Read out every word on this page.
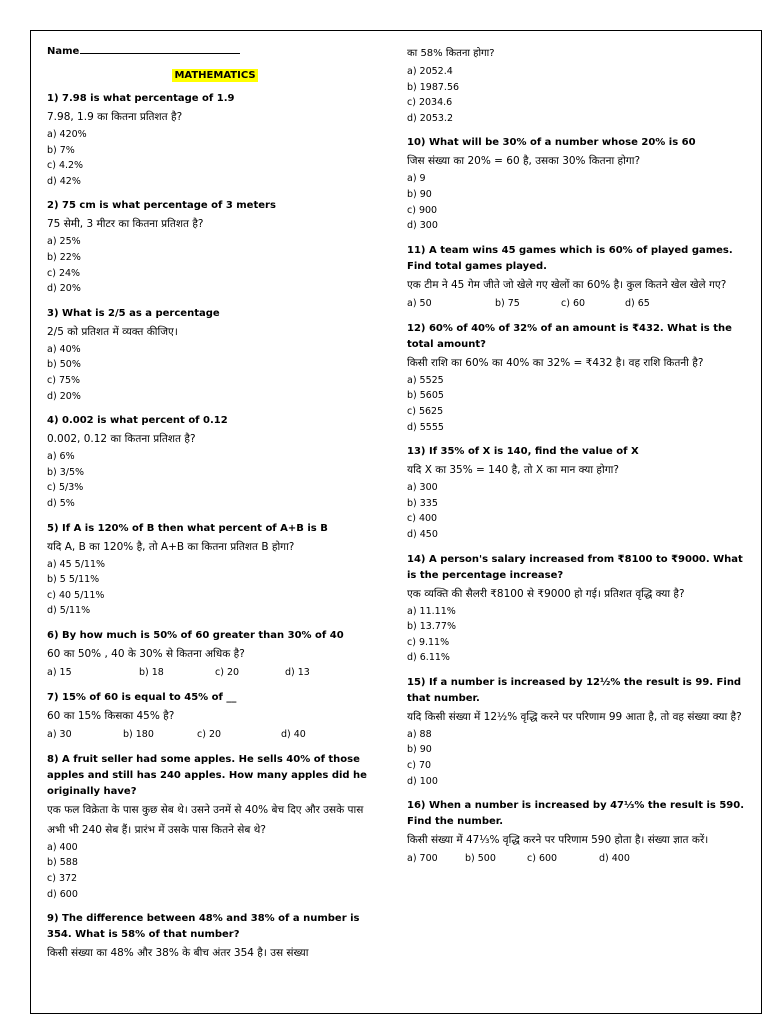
Name
MATHEMATICS
1) 7.98 is what percentage of 1.9
7.98, 1.9 का कितना प्रतिशत है?
a) 420%
b) 7%
c) 4.2%
d) 42%
2) 75 cm is what percentage of 3 meters
75 सेमी, 3 मीटर का कितना प्रतिशत है?
a) 25%
b) 22%
c) 24%
d) 20%
3) What is 2/5 as a percentage
2/5 को प्रतिशत में व्यक्त कीजिए।
a) 40%
b) 50%
c) 75%
d) 20%
4) 0.002 is what percent of 0.12
0.002, 0.12 का कितना प्रतिशत है?
a) 6%
b) 3/5%
c) 5/3%
d) 5%
5) If A is 120% of B then what percent of A+B is B
यदि A, B का 120% है, तो A+B का कितना प्रतिशत B होगा?
a) 45 5/11%
b) 5 5/11%
c) 40 5/11%
d) 5/11%
6) By how much is 50% of 60 greater than 30% of 40
60 का 50% , 40 के 30% से कितना अधिक है?
a) 15	b) 18	c) 20	d) 13
7) 15% of 60 is equal to 45% of __
60 का 15% किसका 45% है?
a) 30	b) 180	c) 20	d) 40
8) A fruit seller had some apples. He sells 40% of those apples and still has 240 apples. How many apples did he originally have?
एक फल विक्रेता के पास कुछ सेब थे। उसने उनमें से 40% बेच दिए और उसके पास अभी भी 240 सेब हैं। प्रारंभ में उसके पास कितने सेब थे?
a) 400
b) 588
c) 372
d) 600
9) The difference between 48% and 38% of a number is 354. What is 58% of that number?
किसी संख्या का 48% और 38% के बीच अंतर 354 है। उस संख्या
का 58% कितना होगा?
a) 2052.4
b) 1987.56
c) 2034.6
d) 2053.2
10) What will be 30% of a number whose 20% is 60
जिस संख्या का 20% = 60 है, उसका 30% कितना होगा?
a) 9
b) 90
c) 900
d) 300
11) A team wins 45 games which is 60% of played games. Find total games played.
एक टीम ने 45 गेम जीते जो खेले गए खेलों का 60% है। कुल कितने खेल खेले गए?
a) 50	b) 75	c) 60	d) 65
12) 60% of 40% of 32% of an amount is ₹432. What is the total amount?
किसी राशि का 60% का 40% का 32% = ₹432 है। वह राशि कितनी है?
a) 5525
b) 5605
c) 5625
d) 5555
13) If 35% of X is 140, find the value of X
यदि X का 35% = 140 है, तो X का मान क्या होगा?
a) 300
b) 335
c) 400
d) 450
14) A person's salary increased from ₹8100 to ₹9000. What is the percentage increase?
एक व्यक्ति की सैलरी ₹8100 से ₹9000 हो गई। प्रतिशत वृद्धि क्या है?
a) 11.11%
b) 13.77%
c) 9.11%
d) 6.11%
15) If a number is increased by 12½% the result is 99. Find that number.
यदि किसी संख्या में 12½% वृद्धि करने पर परिणाम 99 आता है, तो वह संख्या क्या है?
a) 88
b) 90
c) 70
d) 100
16) When a number is increased by 47⅓% the result is 590. Find the number.
किसी संख्या में 47⅓% वृद्धि करने पर परिणाम 590 होता है। संख्या ज्ञात करें।
a) 700	b) 500	c) 600	d) 400
